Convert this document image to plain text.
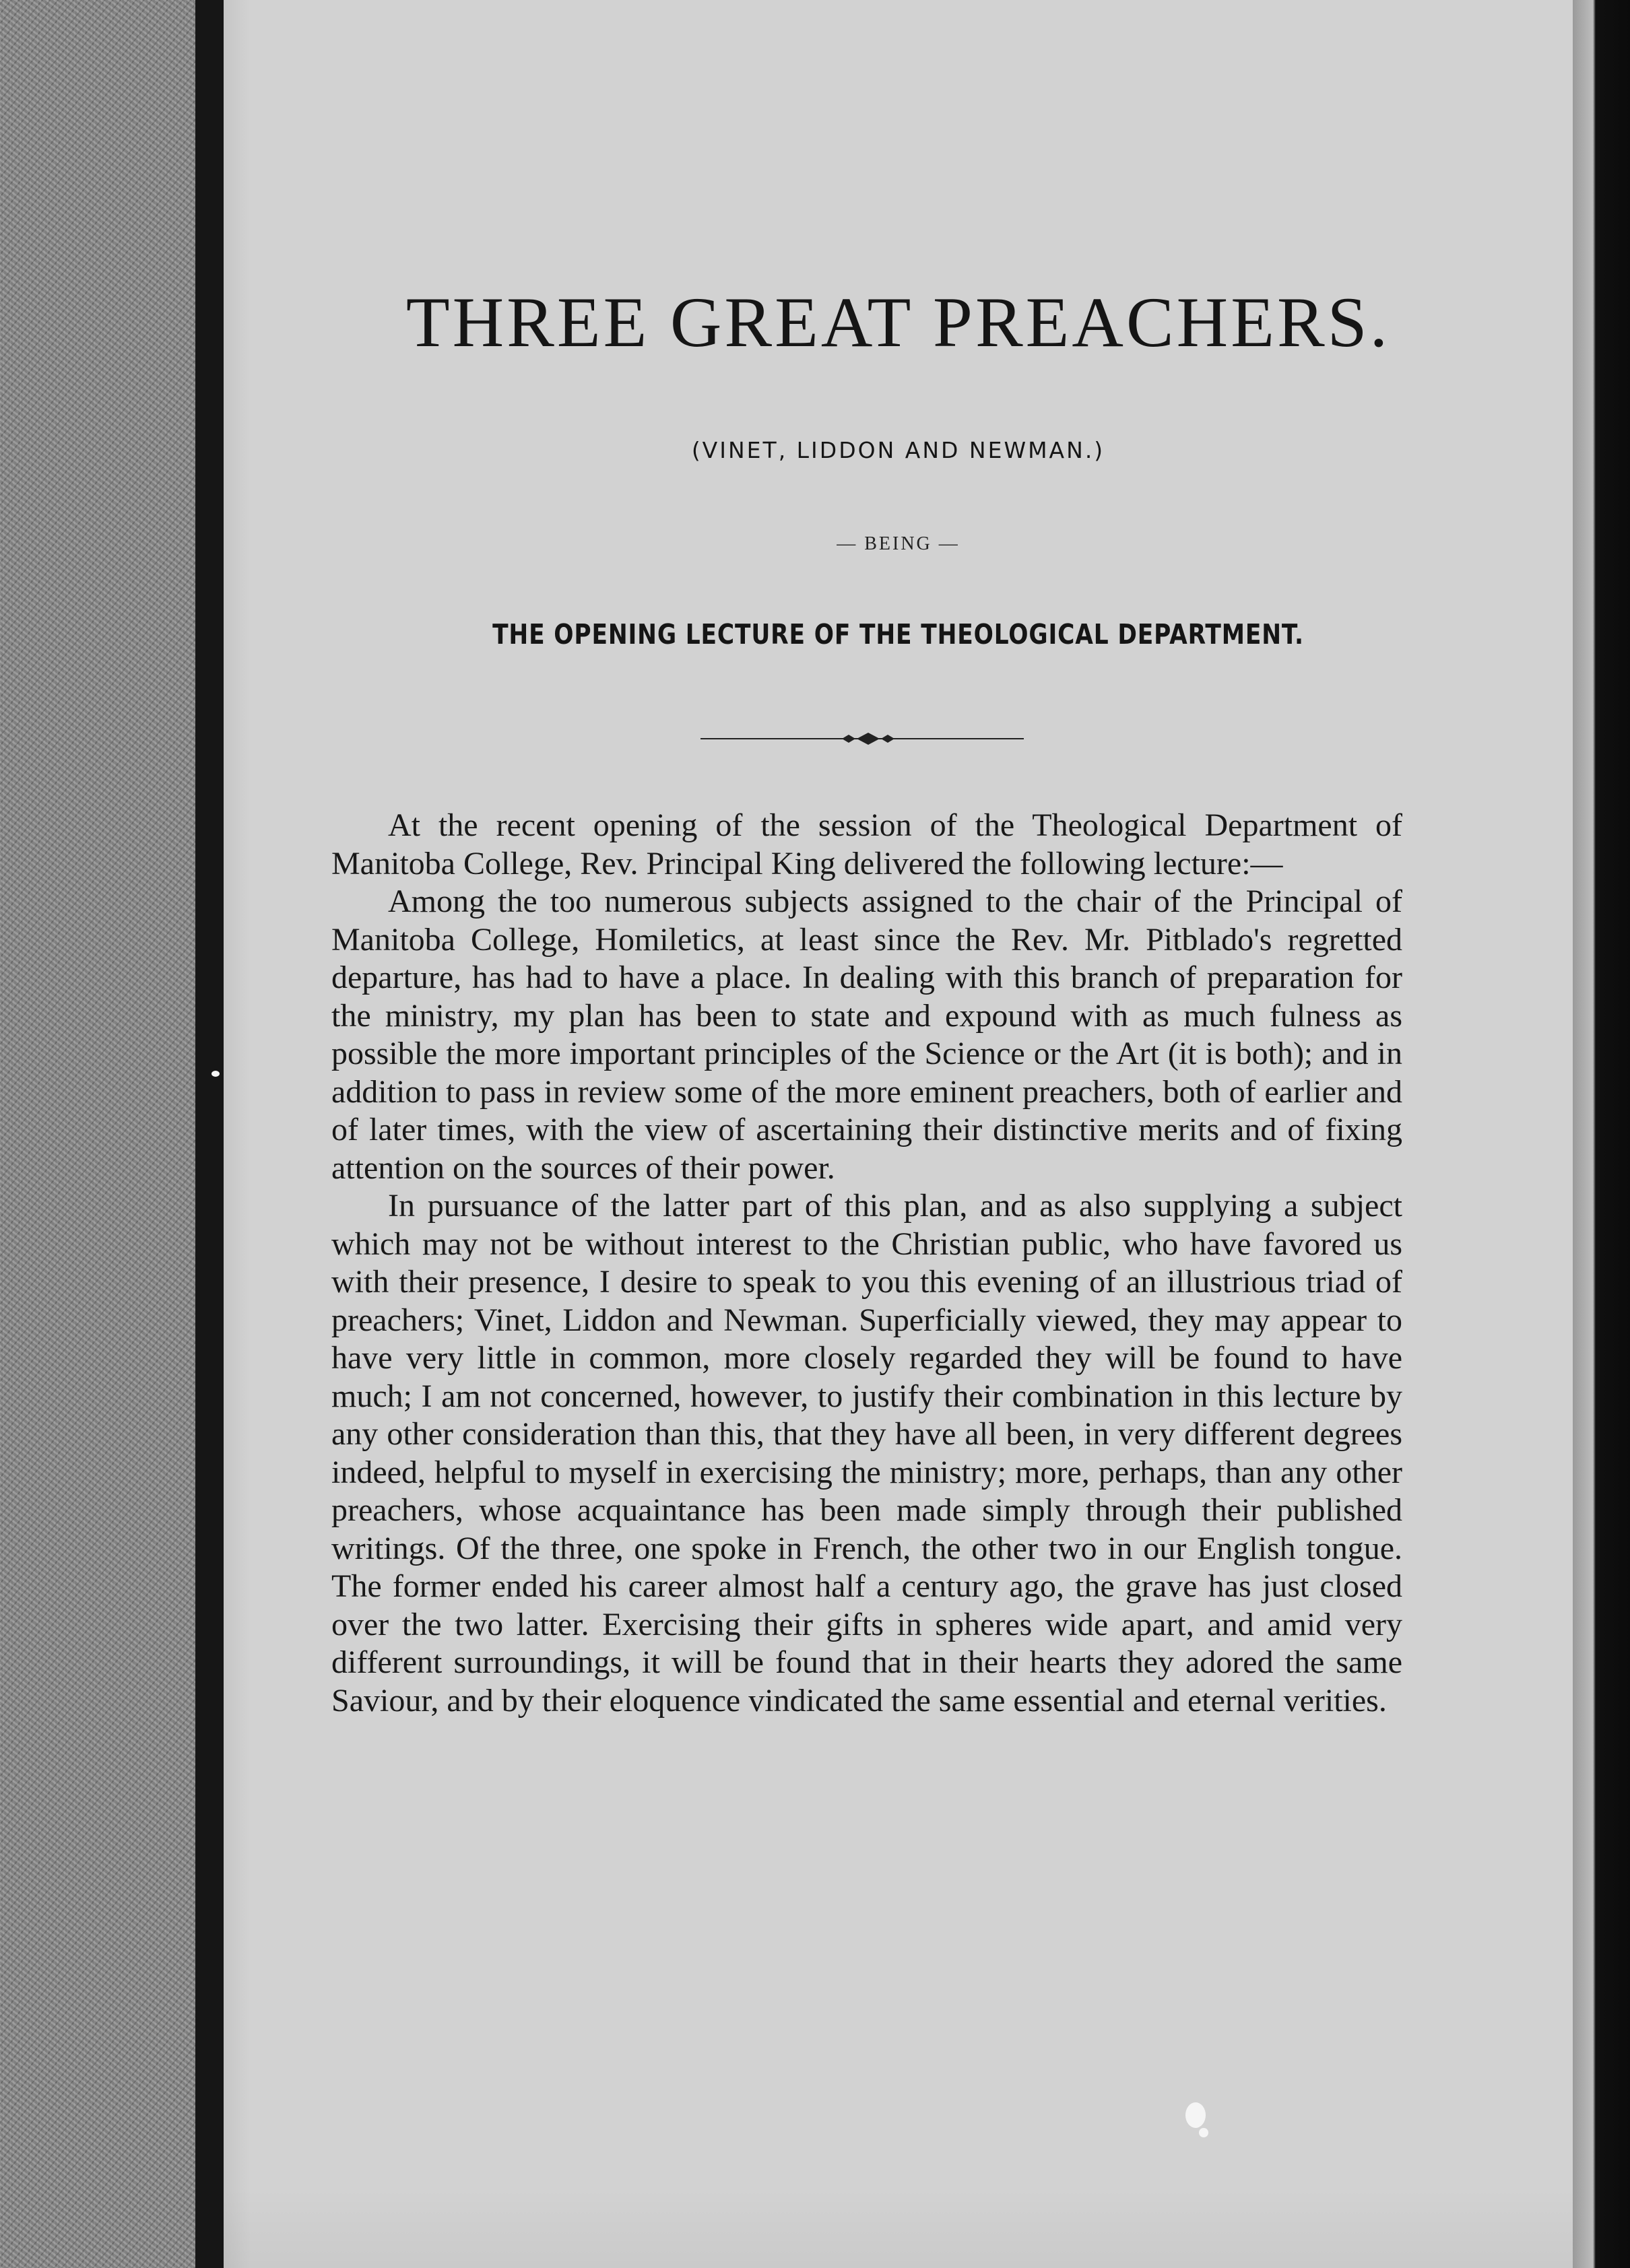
THREE GREAT PREACHERS.
(VINET, LIDDON AND NEWMAN.)
— BEING —
THE OPENING LECTURE OF THE THEOLOGICAL DEPARTMENT.

At the recent opening of the session of the Theological Department of Manitoba College, Rev. Principal King delivered the following lecture:—

Among the too numerous subjects assigned to the chair of the Principal of Manitoba College, Homiletics, at least since the Rev. Mr. Pitblado's regretted departure, has had to have a place. In dealing with this branch of preparation for the ministry, my plan has been to state and expound with as much fulness as possible the more important principles of the Science or the Art (it is both); and in addition to pass in review some of the more eminent preachers, both of earlier and of later times, with the view of ascertaining their distinctive merits and of fixing attention on the sources of their power.

In pursuance of the latter part of this plan, and as also supplying a subject which may not be without interest to the Christian public, who have favored us with their presence, I desire to speak to you this evening of an illustrious triad of preachers; Vinet, Liddon and Newman. Superficially viewed, they may appear to have very little in common, more closely regarded they will be found to have much; I am not concerned, however, to justify their combination in this lecture by any other consideration than this, that they have all been, in very different degrees indeed, helpful to myself in exercising the ministry; more, perhaps, than any other preachers, whose acquaintance has been made simply through their published writings. Of the three, one spoke in French, the other two in our English tongue. The former ended his career almost half a century ago, the grave has just closed over the two latter. Exercising their gifts in spheres wide apart, and amid very different surroundings, it will be found that in their hearts they adored the same Saviour, and by their eloquence vindicated the same essential and eternal verities.
